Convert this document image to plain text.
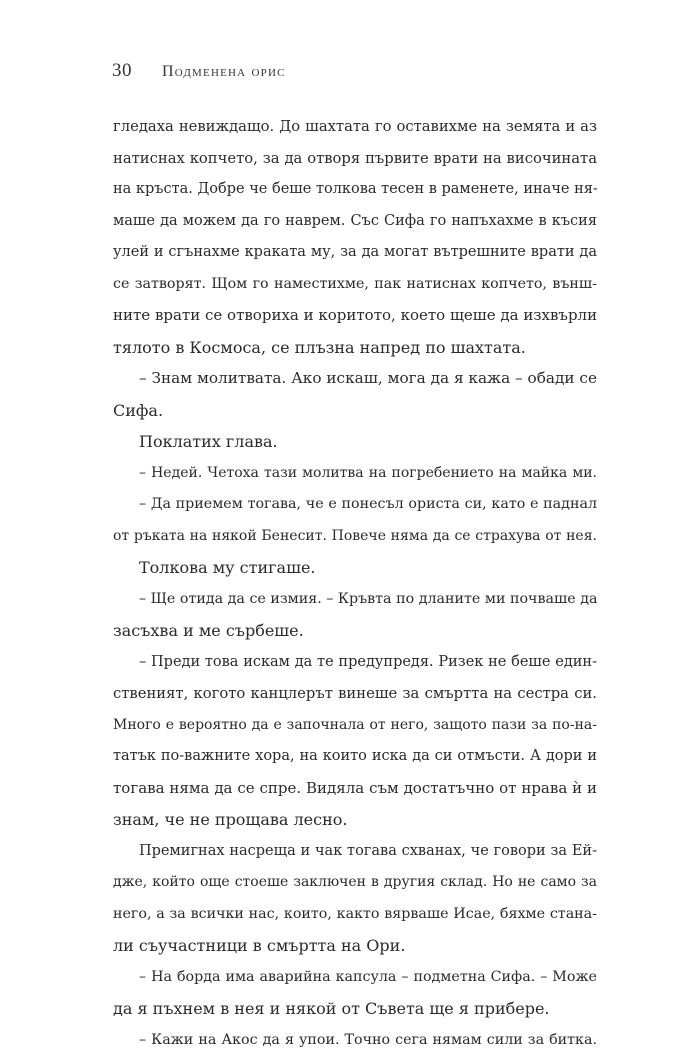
30 Подменена орис
гледаха невиждащо. До шахтата го оставихме на земята и аз
натиснах копчето, за да отворя първите врати на височината
на кръста. Добре че беше толкова тесен в раменете, иначе ня-
маше да можем да го наврем. Със Сифа го напъхахме в късия
улей и сгънахме краката му, за да могат вътрешните врати да
се затворят. Щом го наместихме, пак натиснах копчето, външ-
ните врати се отвориха и коритото, което щеше да изхвърли
тялото в Космоса, се плъзна напред по шахтата.
– Знам молитвата. Ако искаш, мога да я кажа – обади се
Сифа.
Поклатих глава.
– Недей. Четоха тази молитва на погребението на майка ми.
– Да приемем тогава, че е понесъл ориста си, като е паднал
от ръката на някой Бенесит. Повече няма да се страхува от нея.
Толкова му стигаше.
– Ще отида да се измия. – Кръвта по дланите ми почваше да
засъхва и ме сърбеше.
– Преди това искам да те предупредя. Ризек не беше един-
ственият, когото канцлерът винеше за смъртта на сестра си.
Много е вероятно да е започнала от него, защото пази за по-на-
татък по-важните хора, на които иска да си отмъсти. А дори и
тогава няма да се спре. Видяла съм достатъчно от нрава ѝ и
знам, че не прощава лесно.
Премигнах насреща и чак тогава схванах, че говори за Ей-
дже, който още стоеше заключен в другия склад. Но не само за
него, а за всички нас, които, както вярваше Исае, бяхме стана-
ли съучастници в смъртта на Ори.
– На борда има аварийна капсула – подметна Сифа. – Може
да я пъхнем в нея и някой от Съвета ще я прибере.
– Кажи на Акос да я упои. Точно сега нямам сили за битка.
